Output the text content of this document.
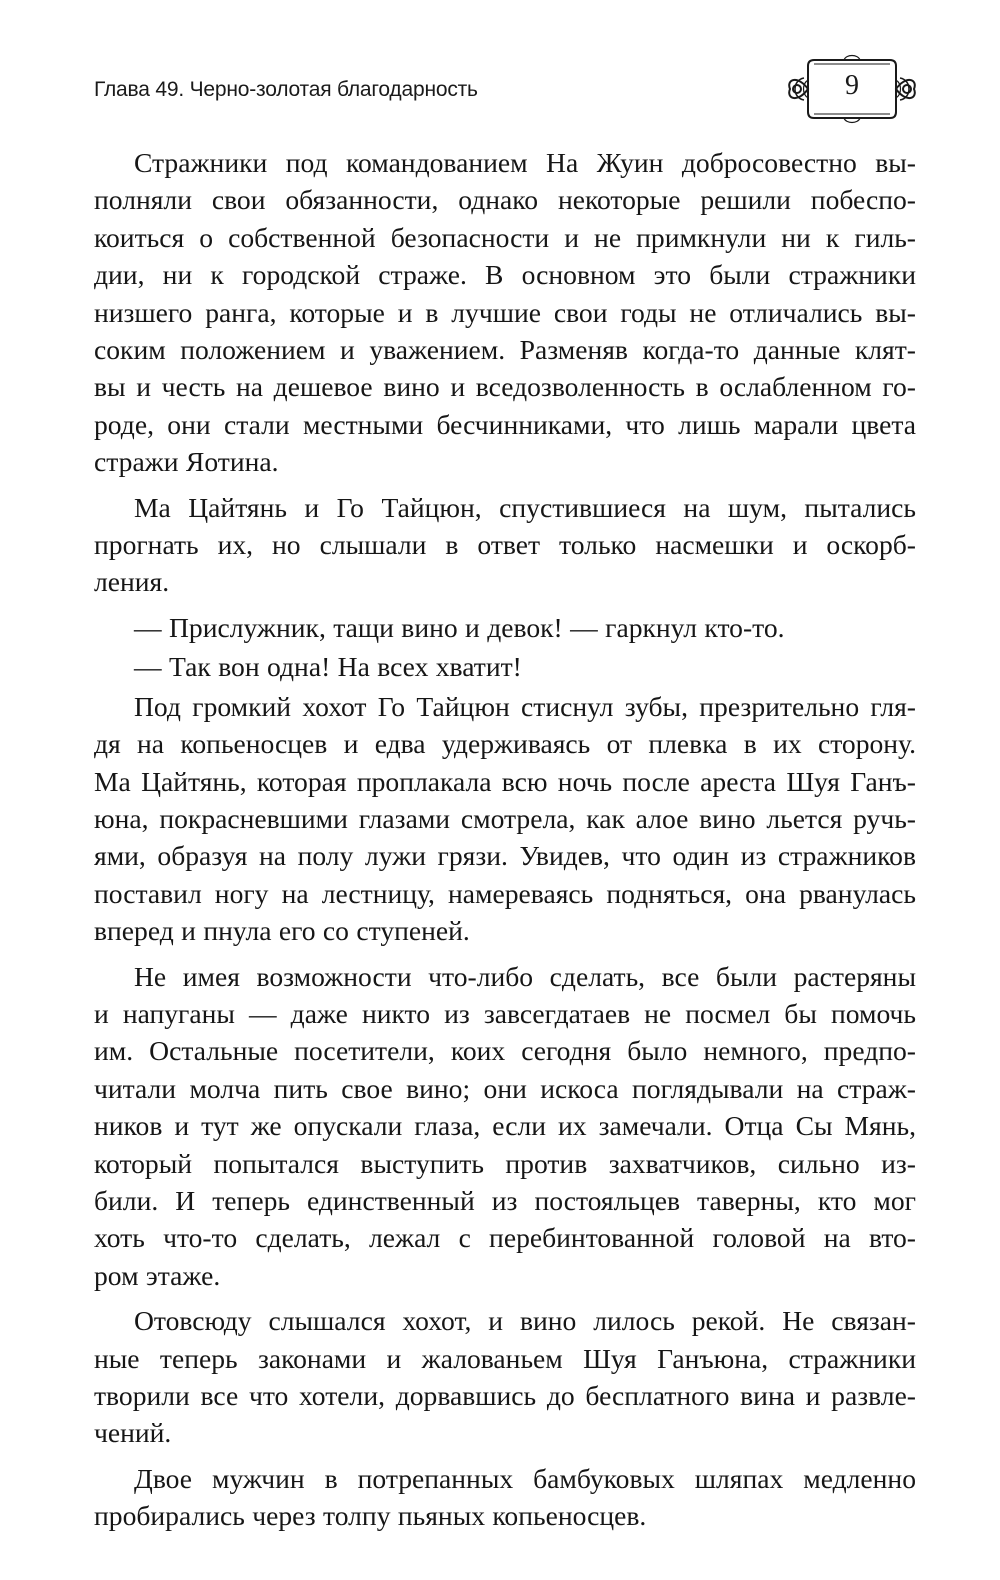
Глава 49. Черно-золотая благодарность	9

Стражники под командованием На Жуин добросовестно вы-
полняли свои обязанности, однако некоторые решили побеспо-
коиться о собственной безопасности и не примкнули ни к гиль-
дии, ни к городской страже. В основном это были стражники
низшего ранга, которые и в лучшие свои годы не отличались вы-
соким положением и уважением. Разменяв когда-то данные клят-
вы и честь на дешевое вино и вседозволенность в ослабленном го-
роде, они стали местными бесчинниками, что лишь марали цвета
стражи Яотина.

Ма Цайтянь и Го Тайцюн, спустившиеся на шум, пытались
прогнать их, но слышали в ответ только насмешки и оскорб-
ления.

— Прислужник, тащи вино и девок! — гаркнул кто-то.

— Так вон одна! На всех хватит!

Под громкий хохот Го Тайцюн стиснул зубы, презрительно гля-
дя на копьеносцев и едва удерживаясь от плевка в их сторону.
Ма Цайтянь, которая проплакала всю ночь после ареста Шуя Ганъ-
юна, покрасневшими глазами смотрела, как алое вино льется ручь-
ями, образуя на полу лужи грязи. Увидев, что один из стражников
поставил ногу на лестницу, намереваясь подняться, она рванулась
вперед и пнула его со ступеней.

Не имея возможности что-либо сделать, все были растеряны
и напуганы — даже никто из завсегдатаев не посмел бы помочь
им. Остальные посетители, коих сегодня было немного, предпо-
читали молча пить свое вино; они искоса поглядывали на страж-
ников и тут же опускали глаза, если их замечали. Отца Сы Мянь,
который попытался выступить против захватчиков, сильно из-
били. И теперь единственный из постояльцев таверны, кто мог
хоть что-то сделать, лежал с перебинтованной головой на вто-
ром этаже.

Отовсюду слышался хохот, и вино лилось рекой. Не связан-
ные теперь законами и жалованьем Шуя Ганъюна, стражники
творили все что хотели, дорвавшись до бесплатного вина и развле-
чений.

Двое мужчин в потрепанных бамбуковых шляпах медленно
пробирались через толпу пьяных копьеносцев.
